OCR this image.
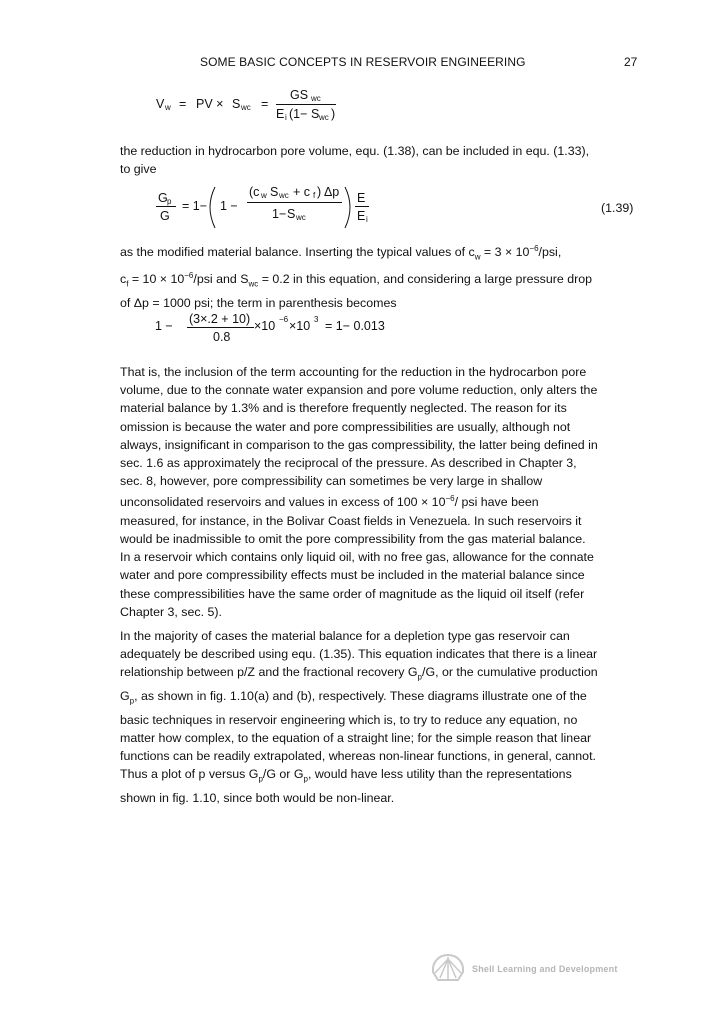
SOME BASIC CONCEPTS IN RESERVOIR ENGINEERING	27
V w = PV × S wc =
GS wc
E i (1− S wc )

the reduction in hydrocarbon pore volume, equ. (1.38), can be included in equ. (1.33),

to give

G p
G
= 1− 1 −
(c w S wc + c f ) Δp
1− S wc
E
E i
(1.39)

as the modified material balance. Inserting the typical values of $c_w = 3 \times 10^{-6}/psi$,

$c_f = 10 \times 10^{-6}/psi$ and $S_{wc} = 0.2$ in this equation, and considering a large pressure drop

of Δp = 1000 psi; the term in parenthesis becomes

1 − (3×.2 + 10)
0.8
×10 −6 ×10 3 = 1− 0.013

That is, the inclusion of the term accounting for the reduction in the hydrocarbon pore

volume, due to the connate water expansion and pore volume reduction, only alters the

material balance by 1.3% and is therefore frequently neglected. The reason for its

omission is because the water and pore compressibilities are usually, although not

always, insignificant in comparison to the gas compressibility, the latter being defined in

sec. 1.6 as approximately the reciprocal of the pressure. As described in Chapter 3,

sec. 8, however, pore compressibility can sometimes be very large in shallow

unconsolidated reservoirs and values in excess of $100 \times 10^{-6}/$ psi have been

measured, for instance, in the Bolivar Coast fields in Venezuela. In such reservoirs it

would be inadmissible to omit the pore compressibility from the gas material balance.

In a reservoir which contains only liquid oil, with no free gas, allowance for the connate

water and pore compressibility effects must be included in the material balance since

these compressibilities have the same order of magnitude as the liquid oil itself (refer

Chapter 3, sec. 5).

In the majority of cases the material balance for a depletion type gas reservoir can

adequately be described using equ. (1.35). This equation indicates that there is a linear

relationship between p/Z and the fractional recovery $G_p/G$, or the cumulative production

$G_p$, as shown in fig. 1.10(a) and (b), respectively. These diagrams illustrate one of the

basic techniques in reservoir engineering which is, to try to reduce any equation, no

matter how complex, to the equation of a straight line; for the simple reason that linear

functions can be readily extrapolated, whereas non-linear functions, in general, cannot.

Thus a plot of p versus $G_p/G$ or $G_p$, would have less utility than the representations

shown in fig. 1.10, since both would be non-linear.

Shell Learning and Development
